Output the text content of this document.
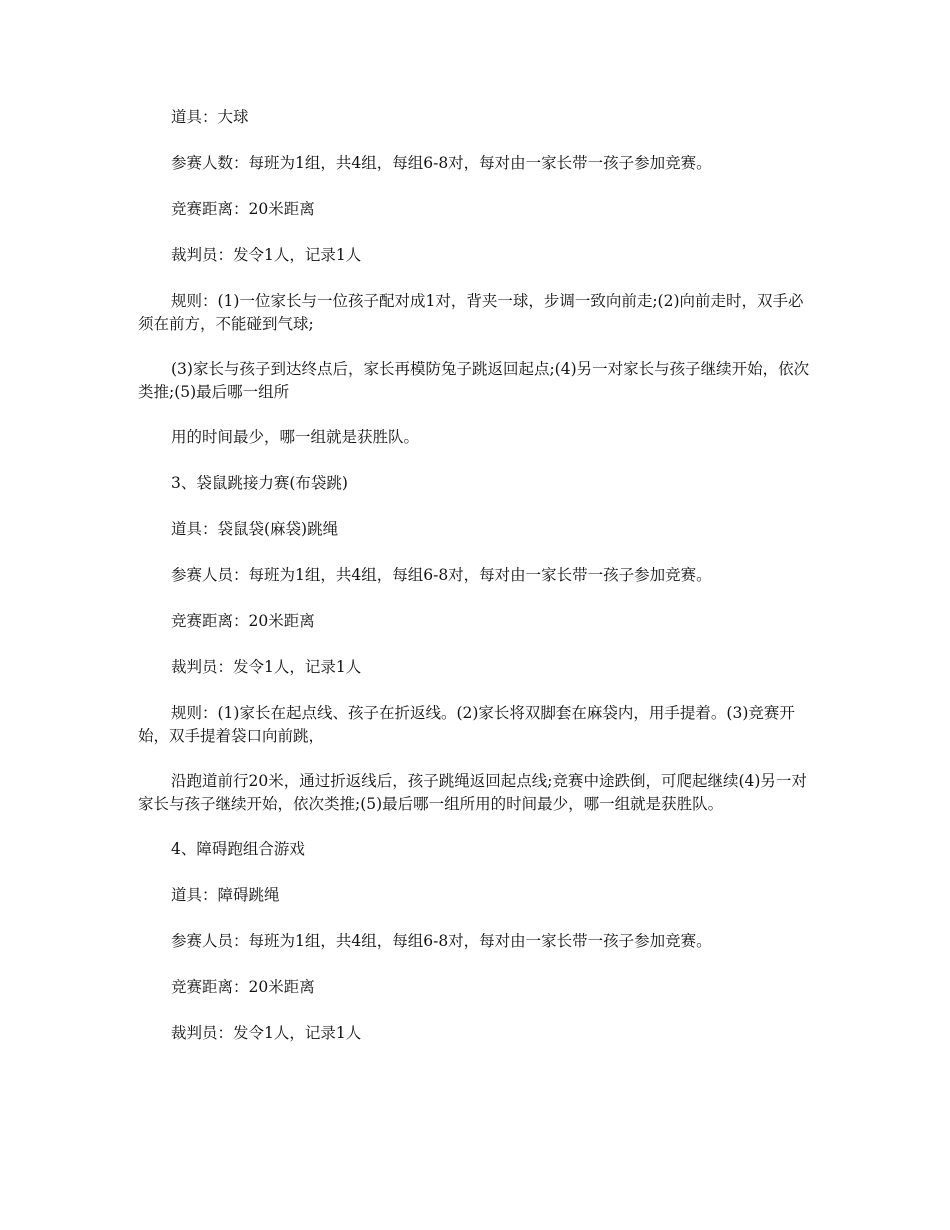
道具：大球

参赛人数：每班为1组，共4组，每组6-8对，每对由一家长带一孩子参加竞赛。

竞赛距离：20米距离

裁判员：发令1人，记录1人

规则：(1)一位家长与一位孩子配对成1对，背夹一球，步调一致向前走;(2)向前走时，双手必须在前方，不能碰到气球;

(3)家长与孩子到达终点后，家长再模防兔子跳返回起点;(4)另一对家长与孩子继续开始，依次类推;(5)最后哪一组所

用的时间最少，哪一组就是获胜队。

3、袋鼠跳接力赛(布袋跳)

道具：袋鼠袋(麻袋)跳绳

参赛人员：每班为1组，共4组，每组6-8对，每对由一家长带一孩子参加竞赛。

竞赛距离：20米距离

裁判员：发令1人，记录1人

规则：(1)家长在起点线、孩子在折返线。(2)家长将双脚套在麻袋内，用手提着。(3)竞赛开始，双手提着袋口向前跳，

沿跑道前行20米，通过折返线后，孩子跳绳返回起点线;竞赛中途跌倒，可爬起继续(4)另一对家长与孩子继续开始，依次类推;(5)最后哪一组所用的时间最少，哪一组就是获胜队。

4、障碍跑组合游戏

道具：障碍跳绳

参赛人员：每班为1组，共4组，每组6-8对，每对由一家长带一孩子参加竞赛。

竞赛距离：20米距离

裁判员：发令1人，记录1人
